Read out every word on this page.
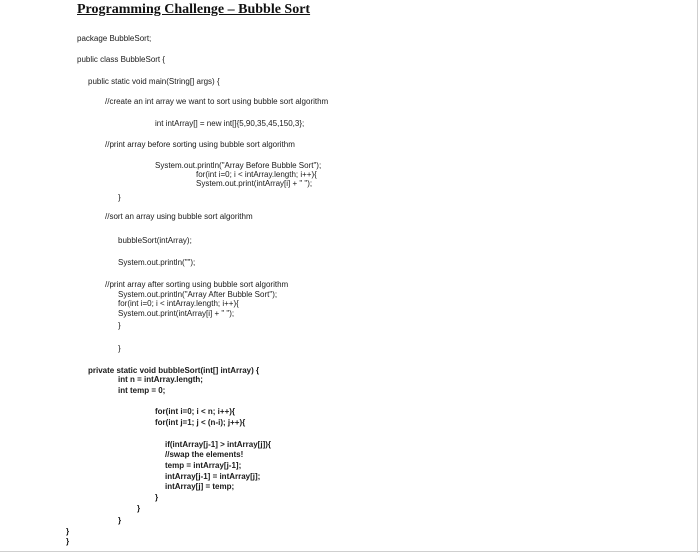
Programming Challenge – Bubble Sort
package BubbleSort;
public class BubbleSort {
public static void main(String[] args) {
//create an int array we want to sort using bubble sort algorithm
int intArray[] = new int[]{5,90,35,45,150,3};
//print array before sorting using bubble sort algorithm
System.out.println("Array Before Bubble Sort");
for(int i=0; i < intArray.length; i++){
System.out.print(intArray[i] + " ");
}
//sort an array using bubble sort algorithm
bubbleSort(intArray);
System.out.println("");
//print array after sorting using bubble sort algorithm
System.out.println("Array After Bubble Sort");
for(int i=0; i < intArray.length; i++){
System.out.print(intArray[i] + " ");
}
}
private static void bubbleSort(int[] intArray) {
int n = intArray.length;
int temp = 0;
for(int i=0; i < n; i++){
for(int j=1; j < (n-i); j++){
if(intArray[j-1] > intArray[j]){
//swap the elements!
temp = intArray[j-1];
intArray[j-1] = intArray[j];
intArray[j] = temp;
}
}
}
}
}
